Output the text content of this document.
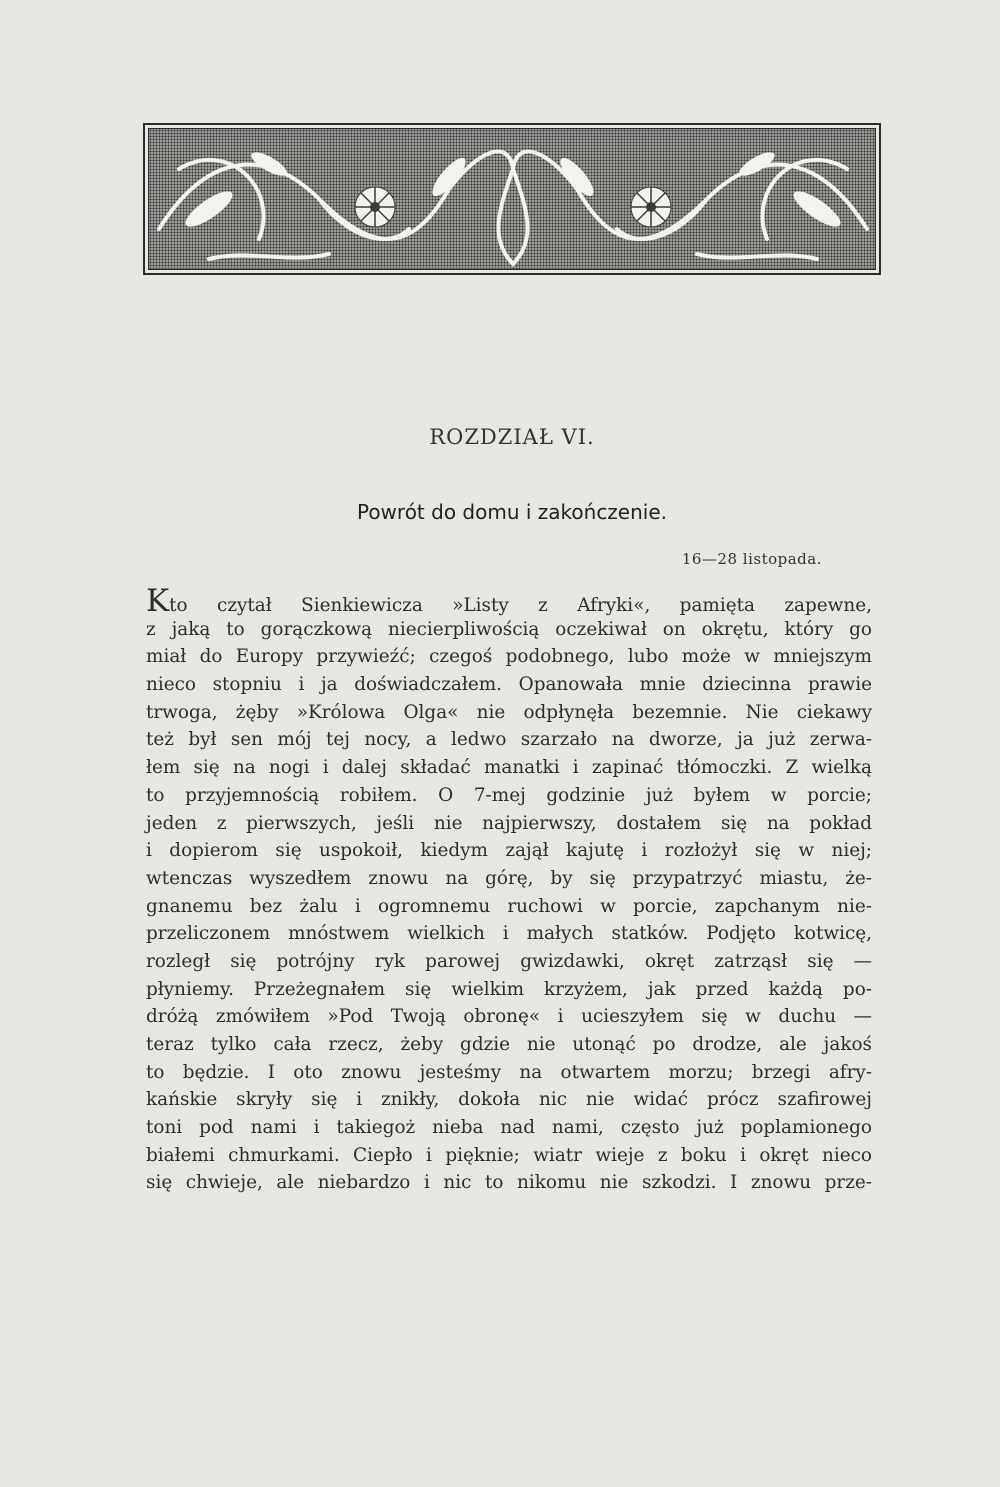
ROZDZIAŁ VI.
Powrót do domu i zakończenie.
16—28 listopada.
Kto czytał Sienkiewicza »Listy z Afryki«, pamięta zapewne,
z jaką to gorączkową niecierpliwością oczekiwał on okrętu, który go
miał do Europy przywieźć; czegoś podobnego, lubo może w mniejszym
nieco stopniu i ja doświadczałem. Opanowała mnie dziecinna prawie
trwoga, żęby »Królowa Olga« nie odpłynęła bezemnie. Nie ciekawy
też był sen mój tej nocy, a ledwo szarzało na dworze, ja już zerwa-
łem się na nogi i dalej składać manatki i zapinać tłómoczki. Z wielką
to przyjemnością robiłem. O 7-mej godzinie już byłem w porcie;
jeden z pierwszych, jeśli nie najpierwszy, dostałem się na pokład
i dopierom się uspokoił, kiedym zajął kajutę i rozłożył się w niej;
wtenczas wyszedłem znowu na górę, by się przypatrzyć miastu, że-
gnanemu bez żalu i ogromnemu ruchowi w porcie, zapchanym nie-
przeliczonem mnóstwem wielkich i małych statków. Podjęto kotwicę,
rozległ się potrójny ryk parowej gwizdawki, okręt zatrząsł się —
płyniemy. Przeżegnałem się wielkim krzyżem, jak przed każdą po-
dróżą zmówiłem »Pod Twoją obronę« i ucieszyłem się w duchu —
teraz tylko cała rzecz, żeby gdzie nie utonąć po drodze, ale jakoś
to będzie. I oto znowu jesteśmy na otwartem morzu; brzegi afry-
kańskie skryły się i znikły, dokoła nic nie widać prócz szafirowej
toni pod nami i takiegoż nieba nad nami, często już poplamionego
białemi chmurkami. Ciepło i pięknie; wiatr wieje z boku i okręt nieco
się chwieje, ale niebardzo i nic to nikomu nie szkodzi. I znowu prze-
